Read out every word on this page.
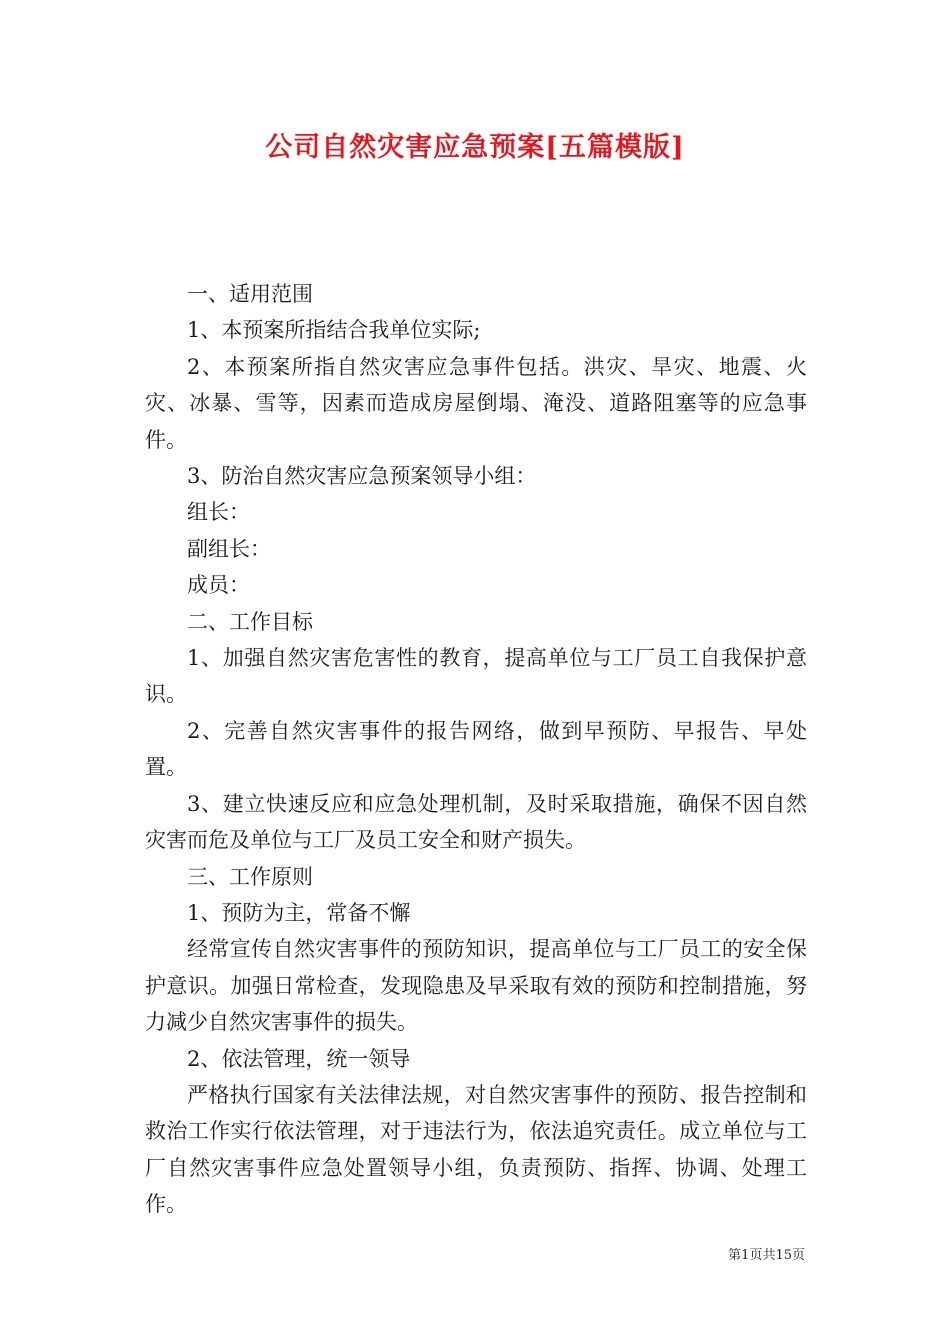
公司自然灾害应急预案[五篇模版]

一、适用范围

1、本预案所指结合我单位实际;

2、本预案所指自然灾害应急事件包括。洪灾、旱灾、地震、火灾、冰暴、雪等，因素而造成房屋倒塌、淹没、道路阻塞等的应急事件。

3、防治自然灾害应急预案领导小组：

组长：

副组长：

成员：

二、工作目标

1、加强自然灾害危害性的教育，提高单位与工厂员工自我保护意识。

2、完善自然灾害事件的报告网络，做到早预防、早报告、早处置。

3、建立快速反应和应急处理机制，及时采取措施，确保不因自然灾害而危及单位与工厂及员工安全和财产损失。

三、工作原则

1、预防为主，常备不懈

经常宣传自然灾害事件的预防知识，提高单位与工厂员工的安全保护意识。加强日常检查，发现隐患及早采取有效的预防和控制措施，努力减少自然灾害事件的损失。

2、依法管理，统一领导

严格执行国家有关法律法规，对自然灾害事件的预防、报告控制和救治工作实行依法管理，对于违法行为，依法追究责任。成立单位与工厂自然灾害事件应急处置领导小组，负责预防、指挥、协调、处理工作。

第1页共15页
